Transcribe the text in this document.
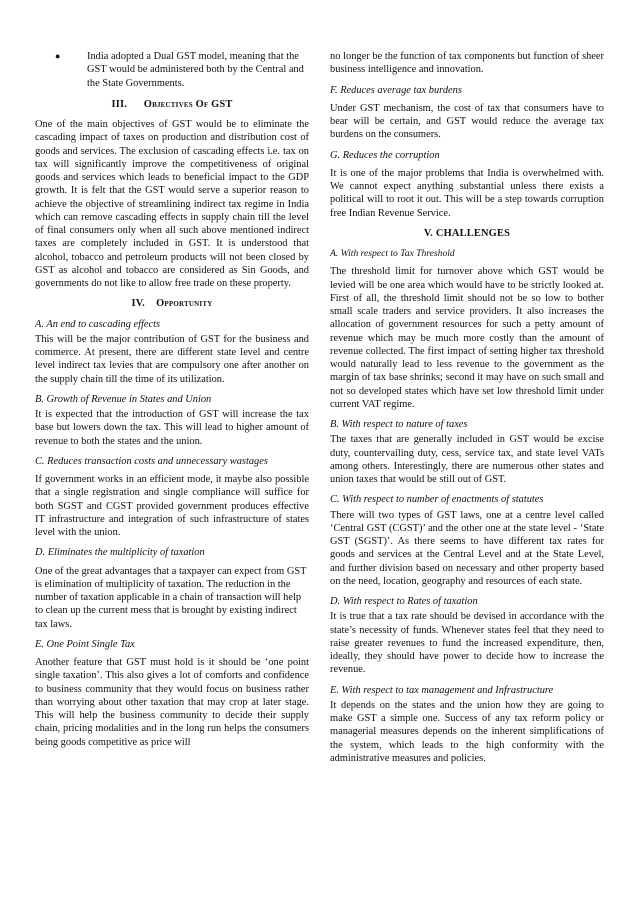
●	India adopted a Dual GST model, meaning that the GST would be administered both by the Central and the State Governments.
III. Objectives Of GST

One of the main objectives of GST would be to eliminate the cascading impact of taxes on production and distribution cost of goods and services. The exclusion of cascading effects i.e. tax on tax will significantly improve the competitiveness of original goods and services which leads to beneficial impact to the GDP growth. It is felt that the GST would serve a superior reason to achieve the objective of streamlining indirect tax regime in India which can remove cascading effects in supply chain till the level of final consumers only when all such above mentioned indirect taxes are completely included in GST. It is understood that alcohol, tobacco and petroleum products will not been closed by GST as alcohol and tobacco are considered as Sin Goods, and governments do not like to allow free trade on these property.

IV. Opportunity
A. An end to cascading effects

This will be the major contribution of GST for the business and commerce. At present, there are different state level and centre level indirect tax levies that are compulsory one after another on the supply chain till the time of its utilization.

B. Growth of Revenue in States and Union

It is expected that the introduction of GST will increase the tax base but lowers down the tax. This will lead to higher amount of revenue to both the states and the union.

C. Reduces transaction costs and unnecessary wastages

If government works in an efficient mode, it maybe also possible that a single registration and single compliance will suffice for both SGST and CGST provided government produces effective IT infrastructure and integration of such infrastructure of states level with the union.

D. Eliminates the multiplicity of taxation

One of the great advantages that a taxpayer can expect from GST is elimination of multiplicity of taxation. The reduction in the number of taxation applicable in a chain of transaction will help to clean up the current mess that is brought by existing indirect tax laws.

E. One Point Single Tax

Another feature that GST must hold is it should be ‘one point single taxation’. This also gives a lot of comforts and confidence to business community that they would focus on business rather than worrying about other taxation that may crop at later stage. This will help the business community to decide their supply chain, pricing modalities and in the long run helps the consumers being goods competitive as price will

no longer be the function of tax components but function of sheer business intelligence and innovation.

F. Reduces average tax burdens

Under GST mechanism, the cost of tax that consumers have to bear will be certain, and GST would reduce the average tax burdens on the consumers.

G. Reduces the corruption

It is one of the major problems that India is overwhelmed with. We cannot expect anything substantial unless there exists a political will to root it out. This will be a step towards corruption free Indian Revenue Service.

V. CHALLENGES
A. With respect to Tax Threshold

The threshold limit for turnover above which GST would be levied will be one area which would have to be strictly looked at. First of all, the threshold limit should not be so low to bother small scale traders and service providers. It also increases the allocation of government resources for such a petty amount of revenue which may be much more costly than the amount of revenue collected. The first impact of setting higher tax threshold would naturally lead to less revenue to the government as the margin of tax base shrinks; second it may have on such small and not so developed states which have set low threshold limit under current VAT regime.

B. With respect to nature of taxes

The taxes that are generally included in GST would be excise duty, countervailing duty, cess, service tax, and state level VATs among others. Interestingly, there are numerous other states and union taxes that would be still out of GST.

C. With respect to number of enactments of statutes

There will two types of GST laws, one at a centre level called ‘Central GST (CGST)’ and the other one at the state level - ‘State GST (SGST)’. As there seems to have different tax rates for goods and services at the Central Level and at the State Level, and further division based on necessary and other property based on the need, location, geography and resources of each state.

D. With respect to Rates of taxation

It is true that a tax rate should be devised in accordance with the state’s necessity of funds. Whenever states feel that they need to raise greater revenues to fund the increased expenditure, then, ideally, they should have power to decide how to increase the revenue.

E. With respect to tax management and Infrastructure

It depends on the states and the union how they are going to make GST a simple one. Success of any tax reform policy or managerial measures depends on the inherent simplifications of the system, which leads to the high conformity with the administrative measures and policies.
